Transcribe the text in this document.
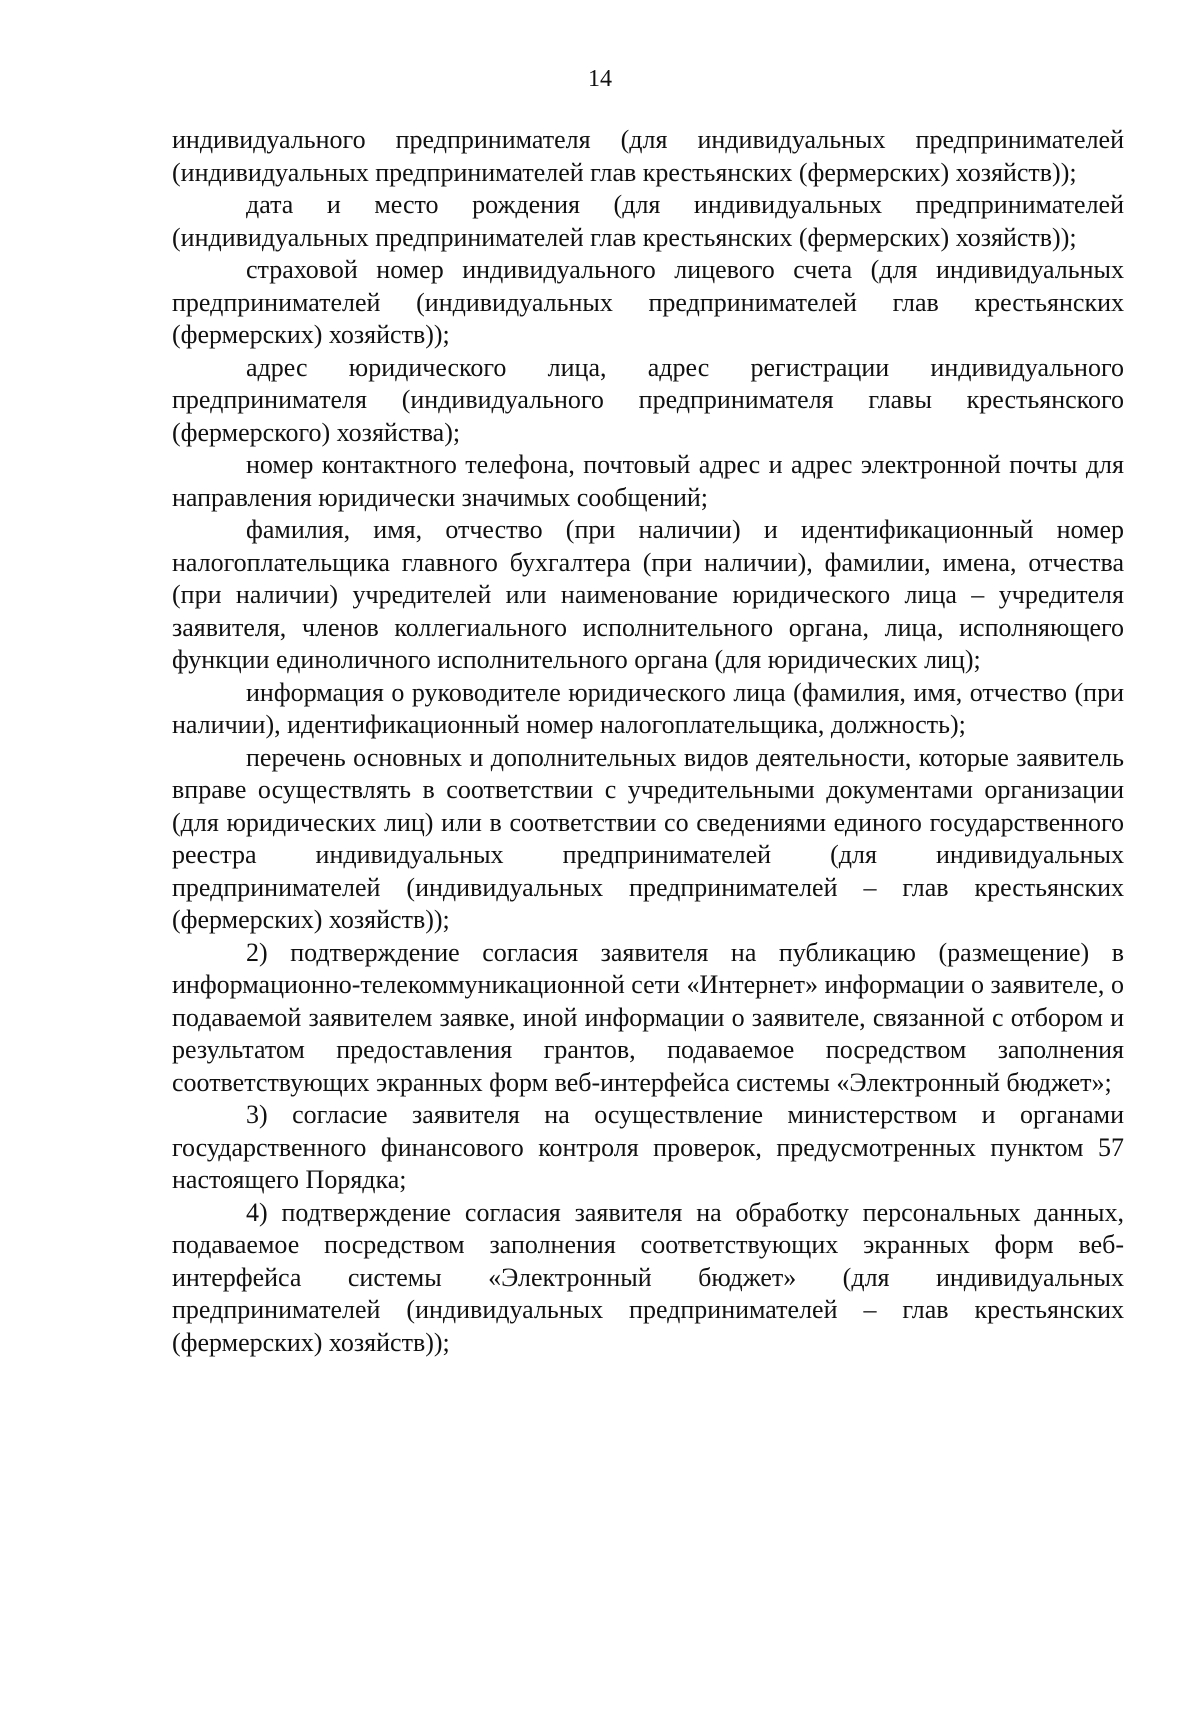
14

индивидуального предпринимателя (для индивидуальных предпринимателей (индивидуальных предпринимателей глав крестьянских (фермерских) хозяйств));

дата и место рождения (для индивидуальных предпринимателей (индивидуальных предпринимателей глав крестьянских (фермерских) хозяйств));

страховой номер индивидуального лицевого счета (для индивидуальных предпринимателей (индивидуальных предпринимателей глав крестьянских (фермерских) хозяйств));

адрес юридического лица, адрес регистрации индивидуального предпринимателя (индивидуального предпринимателя главы крестьянского (фермерского) хозяйства);

номер контактного телефона, почтовый адрес и адрес электронной почты для направления юридически значимых сообщений;

фамилия, имя, отчество (при наличии) и идентификационный номер налогоплательщика главного бухгалтера (при наличии), фамилии, имена, отчества (при наличии) учредителей или наименование юридического лица – учредителя заявителя, членов коллегиального исполнительного органа, лица, исполняющего функции единоличного исполнительного органа (для юридических лиц);

информация о руководителе юридического лица (фамилия, имя, отчество (при наличии), идентификационный номер налогоплательщика, должность);

перечень основных и дополнительных видов деятельности, которые заявитель вправе осуществлять в соответствии с учредительными документами организации (для юридических лиц) или в соответствии со сведениями единого государственного реестра индивидуальных предпринимателей (для индивидуальных предпринимателей (индивидуальных предпринимателей – глав крестьянских (фермерских) хозяйств));

2) подтверждение согласия заявителя на публикацию (размещение) в информационно-телекоммуникационной сети «Интернет» информации о заявителе, о подаваемой заявителем заявке, иной информации о заявителе, связанной с отбором и результатом предоставления грантов, подаваемое посредством заполнения соответствующих экранных форм веб-интерфейса системы «Электронный бюджет»;

3) согласие заявителя на осуществление министерством и органами государственного финансового контроля проверок, предусмотренных пунктом 57 настоящего Порядка;

4) подтверждение согласия заявителя на обработку персональных данных, подаваемое посредством заполнения соответствующих экранных форм веб-интерфейса системы «Электронный бюджет» (для индивидуальных предпринимателей (индивидуальных предпринимателей – глав крестьянских (фермерских) хозяйств));
